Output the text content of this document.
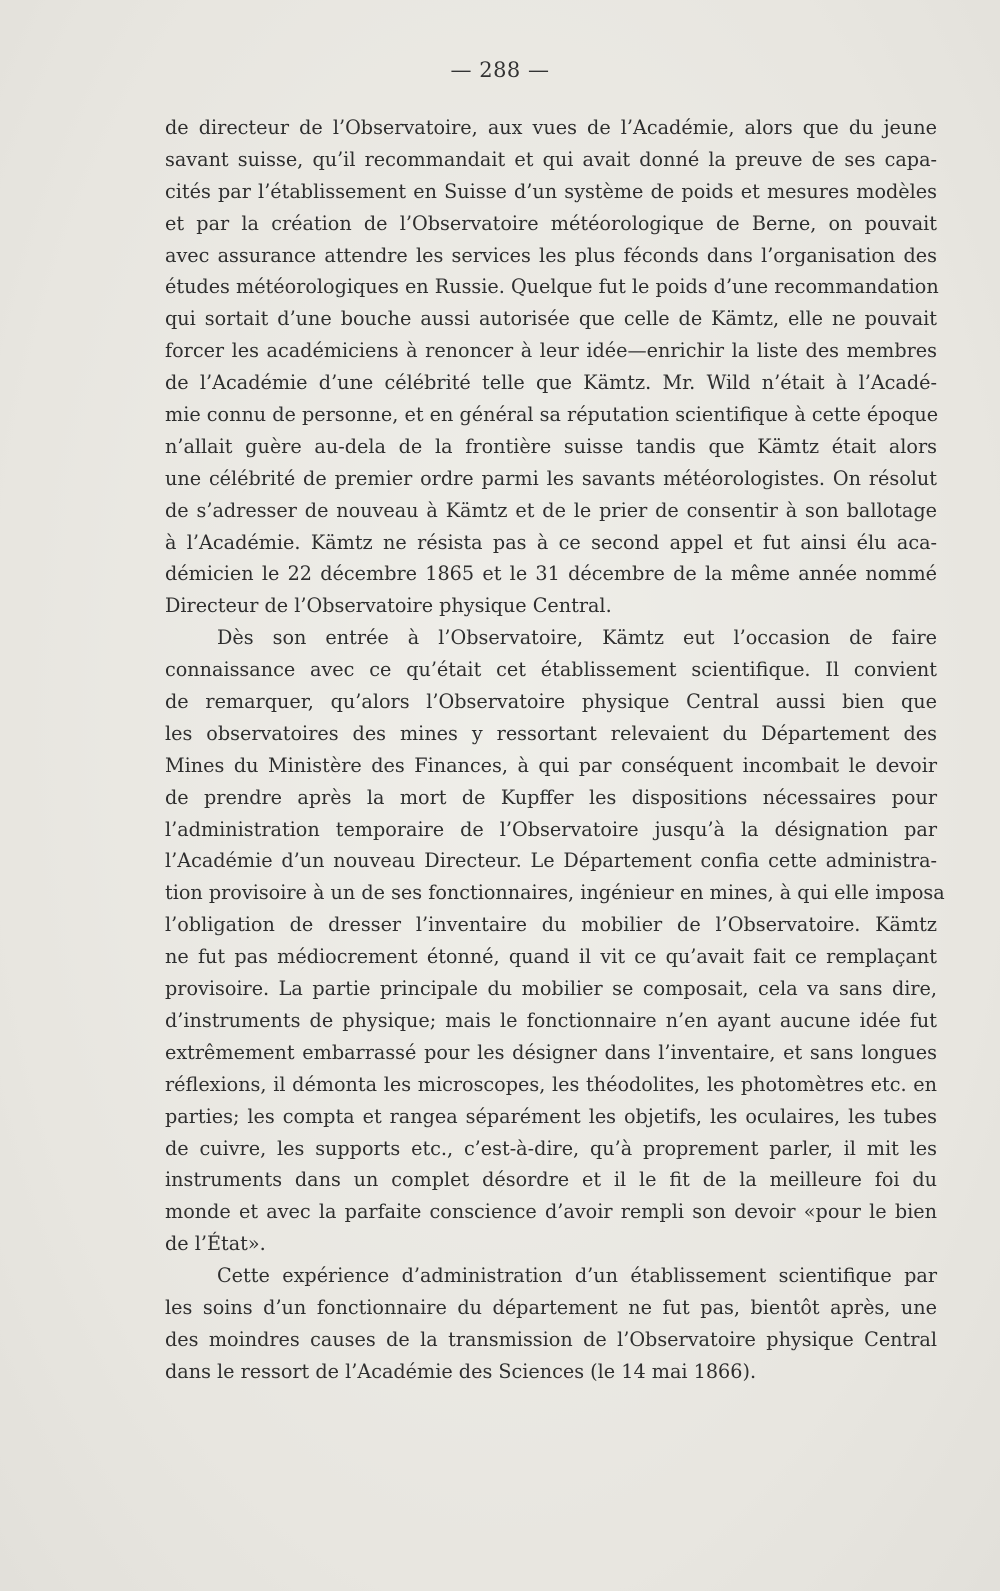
— 288 —
de directeur de l’Observatoire, aux vues de l’Académie, alors que du jeune
savant suisse, qu’il recommandait et qui avait donné la preuve de ses capa-
cités par l’établissement en Suisse d’un système de poids et mesures modèles
et par la création de l’Observatoire météorologique de Berne, on pouvait
avec assurance attendre les services les plus féconds dans l’organisation des
études météorologiques en Russie. Quelque fut le poids d’une recommandation
qui sortait d’une bouche aussi autorisée que celle de Kämtz, elle ne pouvait
forcer les académiciens à renoncer à leur idée—enrichir la liste des membres
de l’Académie d’une célébrité telle que Kämtz. Mr. Wild n’était à l’Acadé-
mie connu de personne, et en général sa réputation scientifique à cette époque
n’allait guère au-dela de la frontière suisse tandis que Kämtz était alors
une célébrité de premier ordre parmi les savants météorologistes. On résolut
de s’adresser de nouveau à Kämtz et de le prier de consentir à son ballotage
à l’Académie. Kämtz ne résista pas à ce second appel et fut ainsi élu aca-
démicien le 22 décembre 1865 et le 31 décembre de la même année nommé
Directeur de l’Observatoire physique Central.
Dès son entrée à l’Observatoire, Kämtz eut l’occasion de faire
connaissance avec ce qu’était cet établissement scientifique. Il convient
de remarquer, qu’alors l’Observatoire physique Central aussi bien que
les observatoires des mines y ressortant relevaient du Département des
Mines du Ministère des Finances, à qui par conséquent incombait le devoir
de prendre après la mort de Kupffer les dispositions nécessaires pour
l’administration temporaire de l’Observatoire jusqu’à la désignation par
l’Académie d’un nouveau Directeur. Le Département confia cette administra-
tion provisoire à un de ses fonctionnaires, ingénieur en mines, à qui elle imposa
l’obligation de dresser l’inventaire du mobilier de l’Observatoire. Kämtz
ne fut pas médiocrement étonné, quand il vit ce qu’avait fait ce remplaçant
provisoire. La partie principale du mobilier se composait, cela va sans dire,
d’instruments de physique; mais le fonctionnaire n’en ayant aucune idée fut
extrêmement embarrassé pour les désigner dans l’inventaire, et sans longues
réflexions, il démonta les microscopes, les théodolites, les photomètres etc. en
parties; les compta et rangea séparément les objetifs, les oculaires, les tubes
de cuivre, les supports etc., c’est-à-dire, qu’à proprement parler, il mit les
instruments dans un complet désordre et il le fit de la meilleure foi du
monde et avec la parfaite conscience d’avoir rempli son devoir «pour le bien
de l’État».
Cette expérience d’administration d’un établissement scientifique par
les soins d’un fonctionnaire du département ne fut pas, bientôt après, une
des moindres causes de la transmission de l’Observatoire physique Central
dans le ressort de l’Académie des Sciences (le 14 mai 1866).
